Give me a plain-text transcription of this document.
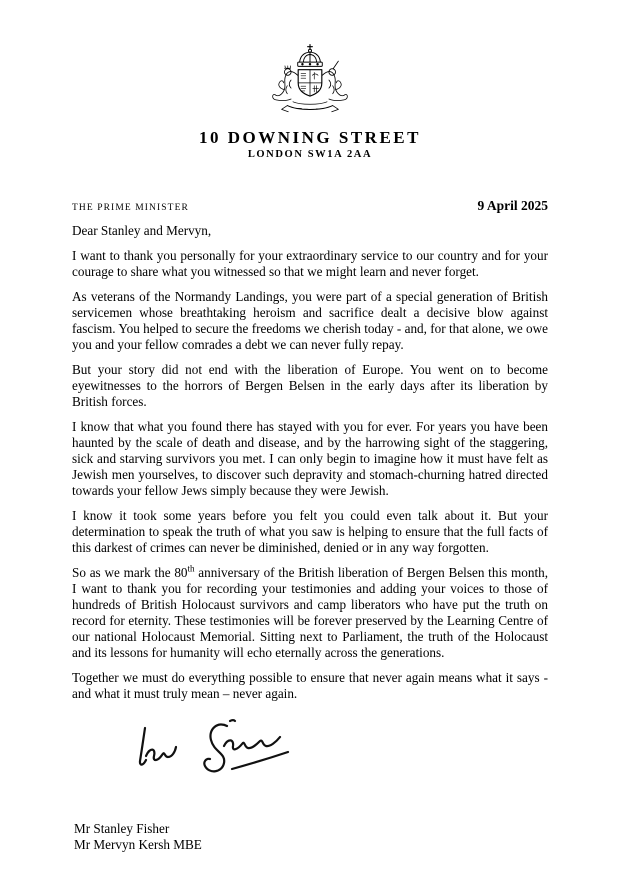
10 DOWNING STREET
LONDON SW1A 2AA
THE PRIME MINISTER	9 April 2025

Dear Stanley and Mervyn,

I want to thank you personally for your extraordinary service to our country and for your courage to share what you witnessed so that we might learn and never forget.

As veterans of the Normandy Landings, you were part of a special generation of British servicemen whose breathtaking heroism and sacrifice dealt a decisive blow against fascism. You helped to secure the freedoms we cherish today - and, for that alone, we owe you and your fellow comrades a debt we can never fully repay.

But your story did not end with the liberation of Europe. You went on to become eyewitnesses to the horrors of Bergen Belsen in the early days after its liberation by British forces.

I know that what you found there has stayed with you for ever. For years you have been haunted by the scale of death and disease, and by the harrowing sight of the staggering, sick and starving survivors you met. I can only begin to imagine how it must have felt as Jewish men yourselves, to discover such depravity and stomach-churning hatred directed towards your fellow Jews simply because they were Jewish.

I know it took some years before you felt you could even talk about it. But your determination to speak the truth of what you saw is helping to ensure that the full facts of this darkest of crimes can never be diminished, denied or in any way forgotten.

So as we mark the 80th anniversary of the British liberation of Bergen Belsen this month, I want to thank you for recording your testimonies and adding your voices to those of hundreds of British Holocaust survivors and camp liberators who have put the truth on record for eternity. These testimonies will be forever preserved by the Learning Centre of our national Holocaust Memorial. Sitting next to Parliament, the truth of the Holocaust and its lessons for humanity will echo eternally across the generations.

Together we must do everything possible to ensure that never again means what it says - and what it must truly mean – never again.

Mr Stanley Fisher
Mr Mervyn Kersh MBE
